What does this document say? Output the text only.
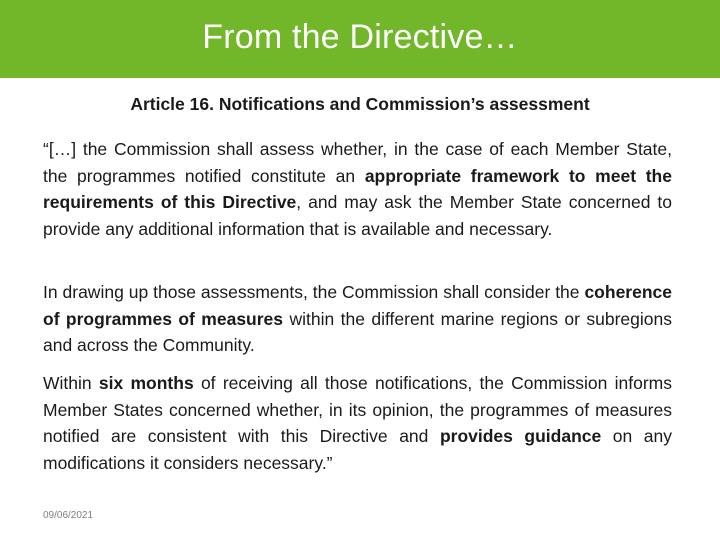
From the Directive…
Article 16. Notifications and Commission’s assessment
“[…] the Commission shall assess whether, in the case of each Member State, the programmes notified constitute an appropriate framework to meet the requirements of this Directive, and may ask the Member State concerned to provide any additional information that is available and necessary.
In drawing up those assessments, the Commission shall consider the coherence of programmes of measures within the different marine regions or subregions and across the Community.
Within six months of receiving all those notifications, the Commission informs Member States concerned whether, in its opinion, the programmes of measures notified are consistent with this Directive and provides guidance on any modifications it considers necessary.”
09/06/2021
